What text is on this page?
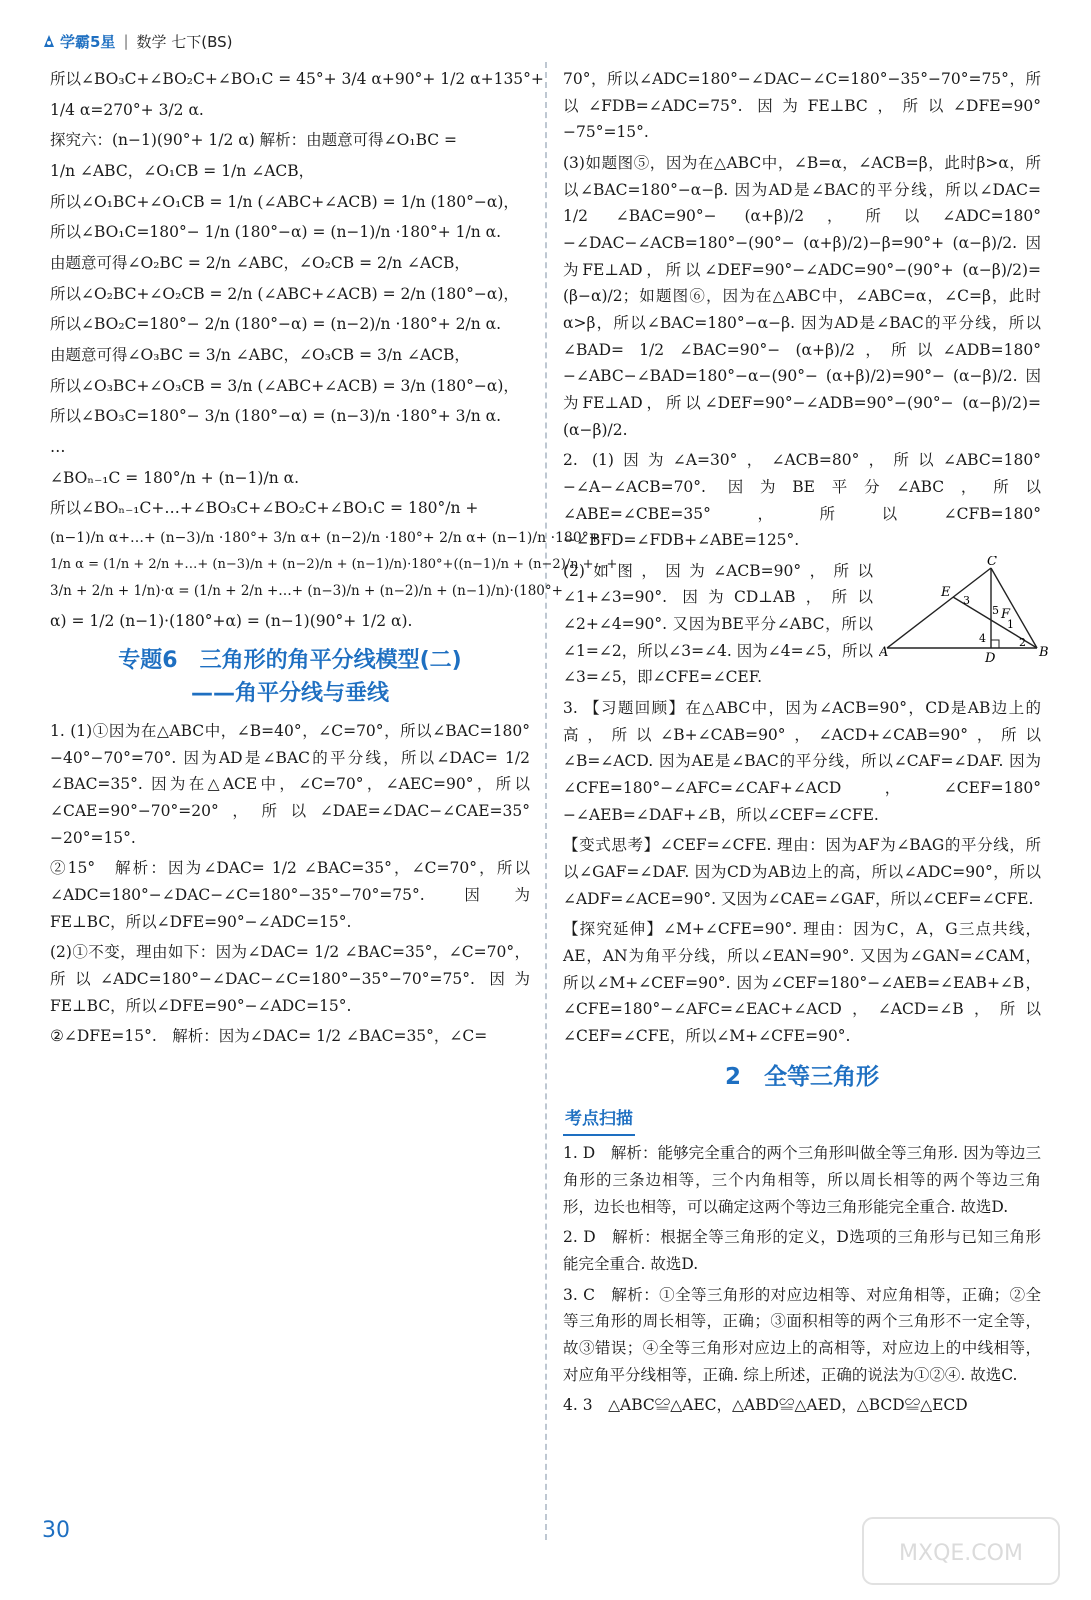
学霸5星 | 数学 七下(BS)

所以∠BO₃C+∠BO₂C+∠BO₁C = 45°+ 3/4 α+90°+ 1/2 α+135°+

1/4 α=270°+ 3/2 α.

探究六：(n−1)(90°+ 1/2 α) 解析：由题意可得∠O₁BC =

1/n ∠ABC，∠O₁CB = 1/n ∠ACB，

所以∠O₁BC+∠O₁CB = 1/n (∠ABC+∠ACB) = 1/n (180°−α)，

所以∠BO₁C=180°− 1/n (180°−α) = (n−1)/n ·180°+ 1/n α.

由题意可得∠O₂BC = 2/n ∠ABC，∠O₂CB = 2/n ∠ACB，

所以∠O₂BC+∠O₂CB = 2/n (∠ABC+∠ACB) = 2/n (180°−α)，

所以∠BO₂C=180°− 2/n (180°−α) = (n−2)/n ·180°+ 2/n α.

由题意可得∠O₃BC = 3/n ∠ABC，∠O₃CB = 3/n ∠ACB，

所以∠O₃BC+∠O₃CB = 3/n (∠ABC+∠ACB) = 3/n (180°−α)，

所以∠BO₃C=180°− 3/n (180°−α) = (n−3)/n ·180°+ 3/n α.

…

∠BOₙ₋₁C = 180°/n + (n−1)/n α.

所以∠BOₙ₋₁C+…+∠BO₃C+∠BO₂C+∠BO₁C = 180°/n +

(n−1)/n α+…+ (n−3)/n ·180°+ 3/n α+ (n−2)/n ·180°+ 2/n α+ (n−1)/n ·180°+

1/n α = (1/n + 2/n +…+ (n−3)/n + (n−2)/n + (n−1)/n)·180°+((n−1)/n + (n−2)/n +…+

3/n + 2/n + 1/n)·α = (1/n + 2/n +…+ (n−3)/n + (n−2)/n + (n−1)/n)·(180°+

α) = 1/2 (n−1)·(180°+α) = (n−1)(90°+ 1/2 α).

专题6　三角形的角平分线模型(二)
——角平分线与垂线

1. (1)①因为在△ABC中，∠B=40°，∠C=70°，所以∠BAC=180°−40°−70°=70°. 因为AD是∠BAC的平分线，所以∠DAC= 1/2 ∠BAC=35°. 因为在△ACE中，∠C=70°，∠AEC=90°，所以∠CAE=90°−70°=20°，所以∠DAE=∠DAC−∠CAE=35°−20°=15°.

②15°　解析：因为∠DAC= 1/2 ∠BAC=35°，∠C=70°，所以∠ADC=180°−∠DAC−∠C=180°−35°−70°=75°. 因为FE⊥BC，所以∠DFE=90°−∠ADC=15°.

(2)①不变，理由如下：因为∠DAC= 1/2 ∠BAC=35°，∠C=70°，所以∠ADC=180°−∠DAC−∠C=180°−35°−70°=75°. 因为FE⊥BC，所以∠DFE=90°−∠ADC=15°.

②∠DFE=15°.　解析：因为∠DAC= 1/2 ∠BAC=35°，∠C=

70°，所以∠ADC=180°−∠DAC−∠C=180°−35°−70°=75°，所以∠FDB=∠ADC=75°. 因为FE⊥BC，所以∠DFE=90°−75°=15°.

(3)如题图⑤，因为在△ABC中，∠B=α，∠ACB=β，此时β>α，所以∠BAC=180°−α−β. 因为AD是∠BAC的平分线，所以∠DAC= 1/2 ∠BAC=90°− (α+β)/2，所以∠ADC=180°−∠DAC−∠ACB=180°−(90°− (α+β)/2)−β=90°+ (α−β)/2. 因为FE⊥AD，所以∠DEF=90°−∠ADC=90°−(90°+ (α−β)/2)= (β−α)/2；如题图⑥，因为在△ABC中，∠ABC=α，∠C=β，此时α>β，所以∠BAC=180°−α−β. 因为AD是∠BAC的平分线，所以∠BAD= 1/2 ∠BAC=90°− (α+β)/2，所以∠ADB=180°−∠ABC−∠BAD=180°−α−(90°− (α+β)/2)=90°− (α−β)/2. 因为FE⊥AD，所以∠DEF=90°−∠ADB=90°−(90°− (α−β)/2)= (α−β)/2.

2. (1)因为∠A=30°，∠ACB=80°，所以∠ABC=180°−∠A−∠ACB=70°. 因为BE平分∠ABC，所以∠ABE=∠CBE=35°，所以∠CFB=180°−∠BFD=∠FDB+∠ABE=125°.

A	B
C
D
E
F
1
2
3
4
5

(2)如图，因为∠ACB=90°，所以∠1+∠3=90°. 因为CD⊥AB，所以∠2+∠4=90°. 又因为BE平分∠ABC，所以∠1=∠2，所以∠3=∠4. 因为∠4=∠5，所以∠3=∠5，即∠CFE=∠CEF.

3. 【习题回顾】在△ABC中，因为∠ACB=90°，CD是AB边上的高，所以∠B+∠CAB=90°，∠ACD+∠CAB=90°，所以∠B=∠ACD. 因为AE是∠BAC的平分线，所以∠CAF=∠DAF. 因为∠CFE=180°−∠AFC=∠CAF+∠ACD，∠CEF=180°−∠AEB=∠DAF+∠B，所以∠CEF=∠CFE.

【变式思考】∠CEF=∠CFE. 理由：因为AF为∠BAG的平分线，所以∠GAF=∠DAF. 因为CD为AB边上的高，所以∠ADC=90°，所以∠ADF=∠ACE=90°. 又因为∠CAE=∠GAF，所以∠CEF=∠CFE.

【探究延伸】∠M+∠CFE=90°. 理由：因为C，A，G三点共线，AE，AN为角平分线，所以∠EAN=90°. 又因为∠GAN=∠CAM，所以∠M+∠CEF=90°. 因为∠CEF=180°−∠AEB=∠EAB+∠B，∠CFE=180°−∠AFC=∠EAC+∠ACD，∠ACD=∠B，所以∠CEF=∠CFE，所以∠M+∠CFE=90°.

2　全等三角形
考点扫描

1. D　解析：能够完全重合的两个三角形叫做全等三角形. 因为等边三角形的三条边相等，三个内角相等，所以周长相等的两个等边三角形，边长也相等，可以确定这两个等边三角形能完全重合. 故选D.

2. D　解析：根据全等三角形的定义，D选项的三角形与已知三角形能完全重合. 故选D.

3. C　解析：①全等三角形的对应边相等、对应角相等，正确；②全等三角形的周长相等，正确；③面积相等的两个三角形不一定全等，故③错误；④全等三角形对应边上的高相等，对应边上的中线相等，对应角平分线相等，正确. 综上所述，正确的说法为①②④. 故选C.

4. 3　△ABC≌△AEC，△ABD≌△AED，△BCD≌△ECD

30
MXQE.COM
